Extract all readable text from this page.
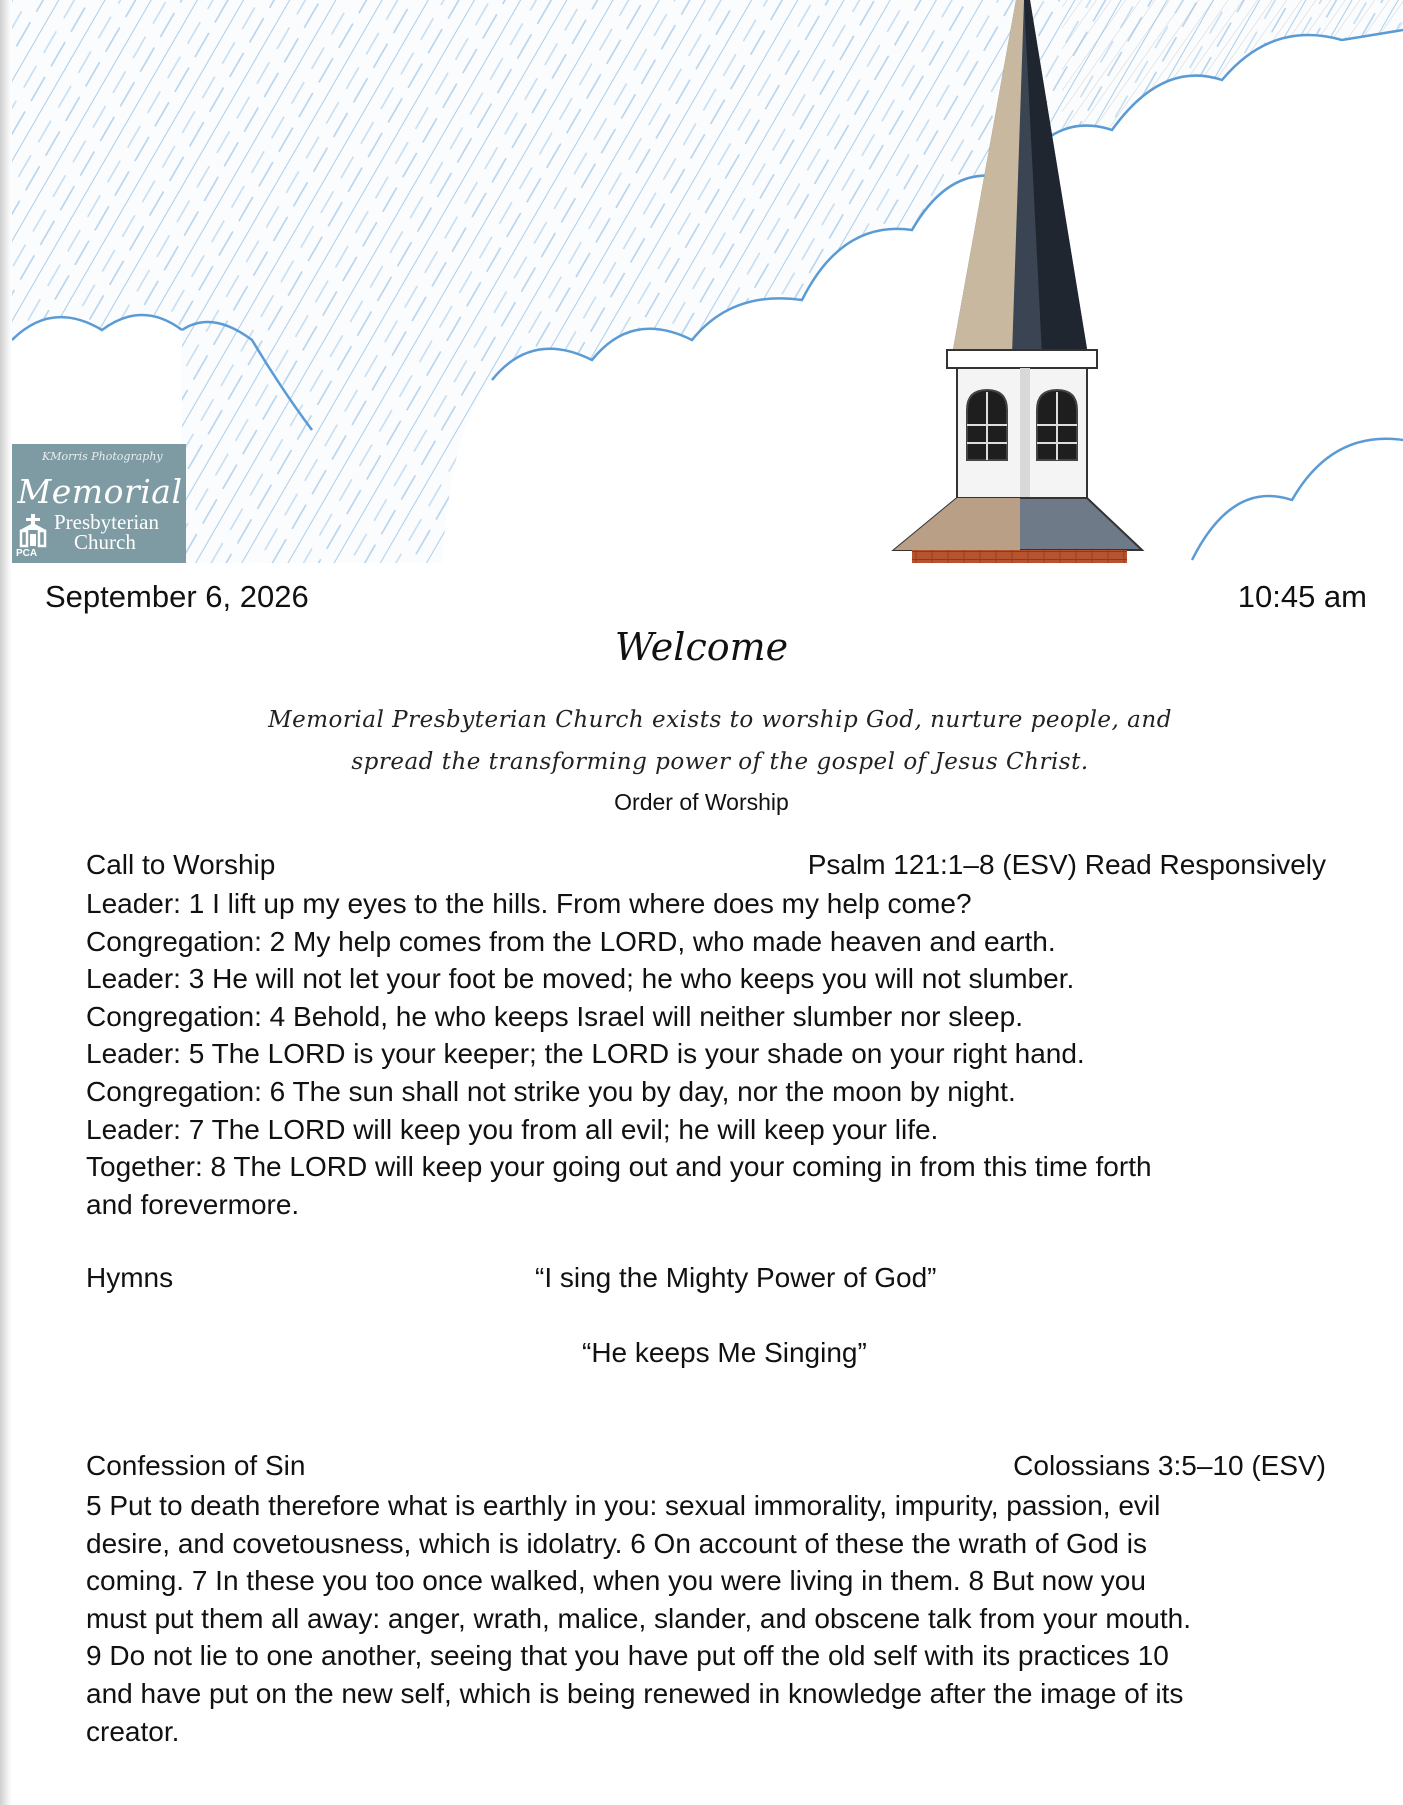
KMorris Photography
Memorial
Presbyterian
Church
PCA
September 6, 2026	10:45 am
Welcome
Memorial Presbyterian Church exists to worship God, nurture people, and
spread the transforming power of the gospel of Jesus Christ.
Order of Worship
Call to Worship	Psalm 121:1–8 (ESV) Read Responsively
Leader: 1 I lift up my eyes to the hills. From where does my help come?
Congregation: 2 My help comes from the LORD, who made heaven and earth.
Leader: 3 He will not let your foot be moved; he who keeps you will not slumber.
Congregation: 4 Behold, he who keeps Israel will neither slumber nor sleep.
Leader: 5 The LORD is your keeper; the LORD is your shade on your right hand.
Congregation: 6 The sun shall not strike you by day, nor the moon by night.
Leader: 7 The LORD will keep you from all evil; he will keep your life.
Together: 8 The LORD will keep your going out and your coming in from this time forth
and forevermore.
Hymns	“I sing the Mighty Power of God”
“He keeps Me Singing”
Confession of Sin	Colossians 3:5–10 (ESV)
5 Put to death therefore what is earthly in you: sexual immorality, impurity, passion, evil
desire, and covetousness, which is idolatry. 6 On account of these the wrath of God is
coming. 7 In these you too once walked, when you were living in them. 8 But now you
must put them all away: anger, wrath, malice, slander, and obscene talk from your mouth.
9 Do not lie to one another, seeing that you have put off the old self with its practices 10
and have put on the new self, which is being renewed in knowledge after the image of its
creator.
